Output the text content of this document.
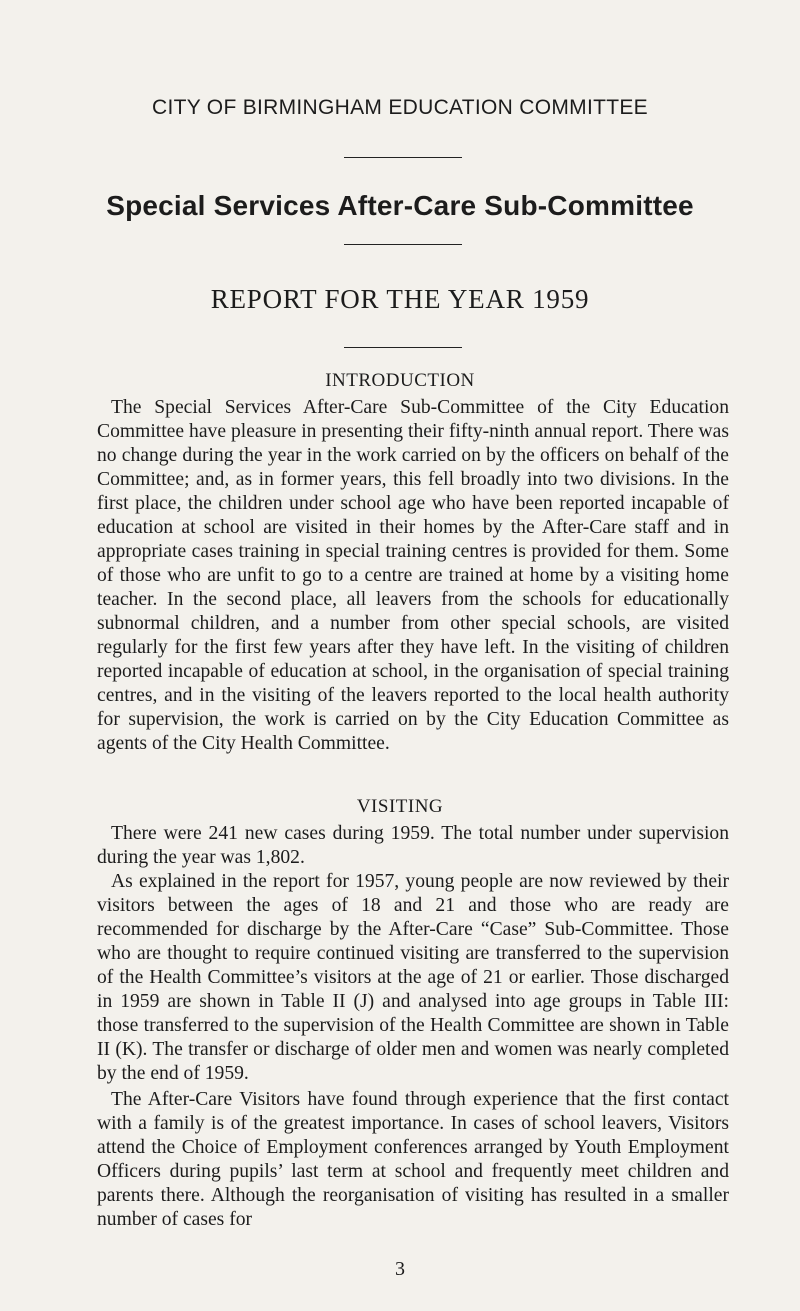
CITY OF BIRMINGHAM EDUCATION COMMITTEE
Special Services After-Care Sub-Committee
REPORT FOR THE YEAR 1959
INTRODUCTION

The Special Services After-Care Sub-Committee of the City Education Committee have pleasure in presenting their fifty-ninth annual report. There was no change during the year in the work carried on by the officers on behalf of the Committee; and, as in former years, this fell broadly into two divisions. In the first place, the children under school age who have been reported incapable of education at school are visited in their homes by the After-Care staff and in appropriate cases training in special training centres is provided for them. Some of those who are unfit to go to a centre are trained at home by a visiting home teacher. In the second place, all leavers from the schools for educationally subnormal children, and a number from other special schools, are visited regularly for the first few years after they have left. In the visiting of children reported incapable of education at school, in the organisation of special training centres, and in the visiting of the leavers reported to the local health authority for supervision, the work is carried on by the City Education Committee as agents of the City Health Committee.

VISITING

There were 241 new cases during 1959. The total number under supervision during the year was 1,802.

As explained in the report for 1957, young people are now reviewed by their visitors between the ages of 18 and 21 and those who are ready are recommended for discharge by the After-Care “Case” Sub-Committee. Those who are thought to require continued visiting are transferred to the supervision of the Health Committee’s visitors at the age of 21 or earlier. Those discharged in 1959 are shown in Table II (J) and analysed into age groups in Table III: those transferred to the supervision of the Health Committee are shown in Table II (K). The transfer or discharge of older men and women was nearly completed by the end of 1959.

The After-Care Visitors have found through experience that the first contact with a family is of the greatest importance. In cases of school leavers, Visitors attend the Choice of Employment conferences arranged by Youth Employment Officers during pupils’ last term at school and frequently meet children and parents there. Although the reorganisation of visiting has resulted in a smaller number of cases for

3
